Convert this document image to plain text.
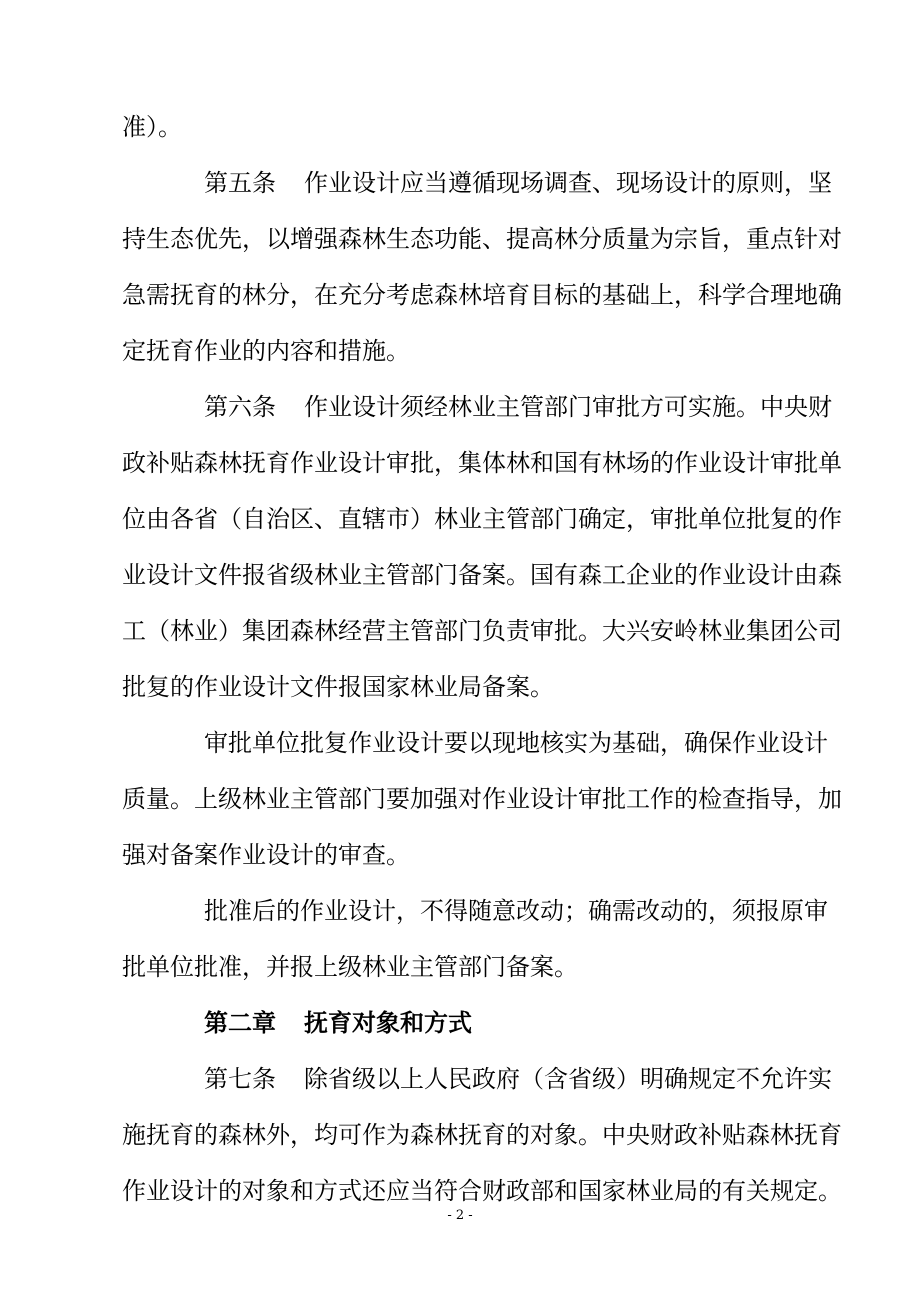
准）。
第五条 作业设计应当遵循现场调查、现场设计的原则，坚
持生态优先，以增强森林生态功能、提高林分质量为宗旨，重点针对
急需抚育的林分，在充分考虑森林培育目标的基础上，科学合理地确
定抚育作业的内容和措施。
第六条 作业设计须经林业主管部门审批方可实施。中央财
政补贴森林抚育作业设计审批，集体林和国有林场的作业设计审批单
位由各省（自治区、直辖市）林业主管部门确定，审批单位批复的作
业设计文件报省级林业主管部门备案。国有森工企业的作业设计由森
工（林业）集团森林经营主管部门负责审批。大兴安岭林业集团公司
批复的作业设计文件报国家林业局备案。
审批单位批复作业设计要以现地核实为基础，确保作业设计
质量。上级林业主管部门要加强对作业设计审批工作的检查指导，加
强对备案作业设计的审查。
批准后的作业设计，不得随意改动；确需改动的，须报原审
批单位批准，并报上级林业主管部门备案。
第二章 抚育对象和方式
第七条 除省级以上人民政府（含省级）明确规定不允许实
施抚育的森林外，均可作为森林抚育的对象。中央财政补贴森林抚育
作业设计的对象和方式还应当符合财政部和国家林业局的有关规定。
- 2 -
